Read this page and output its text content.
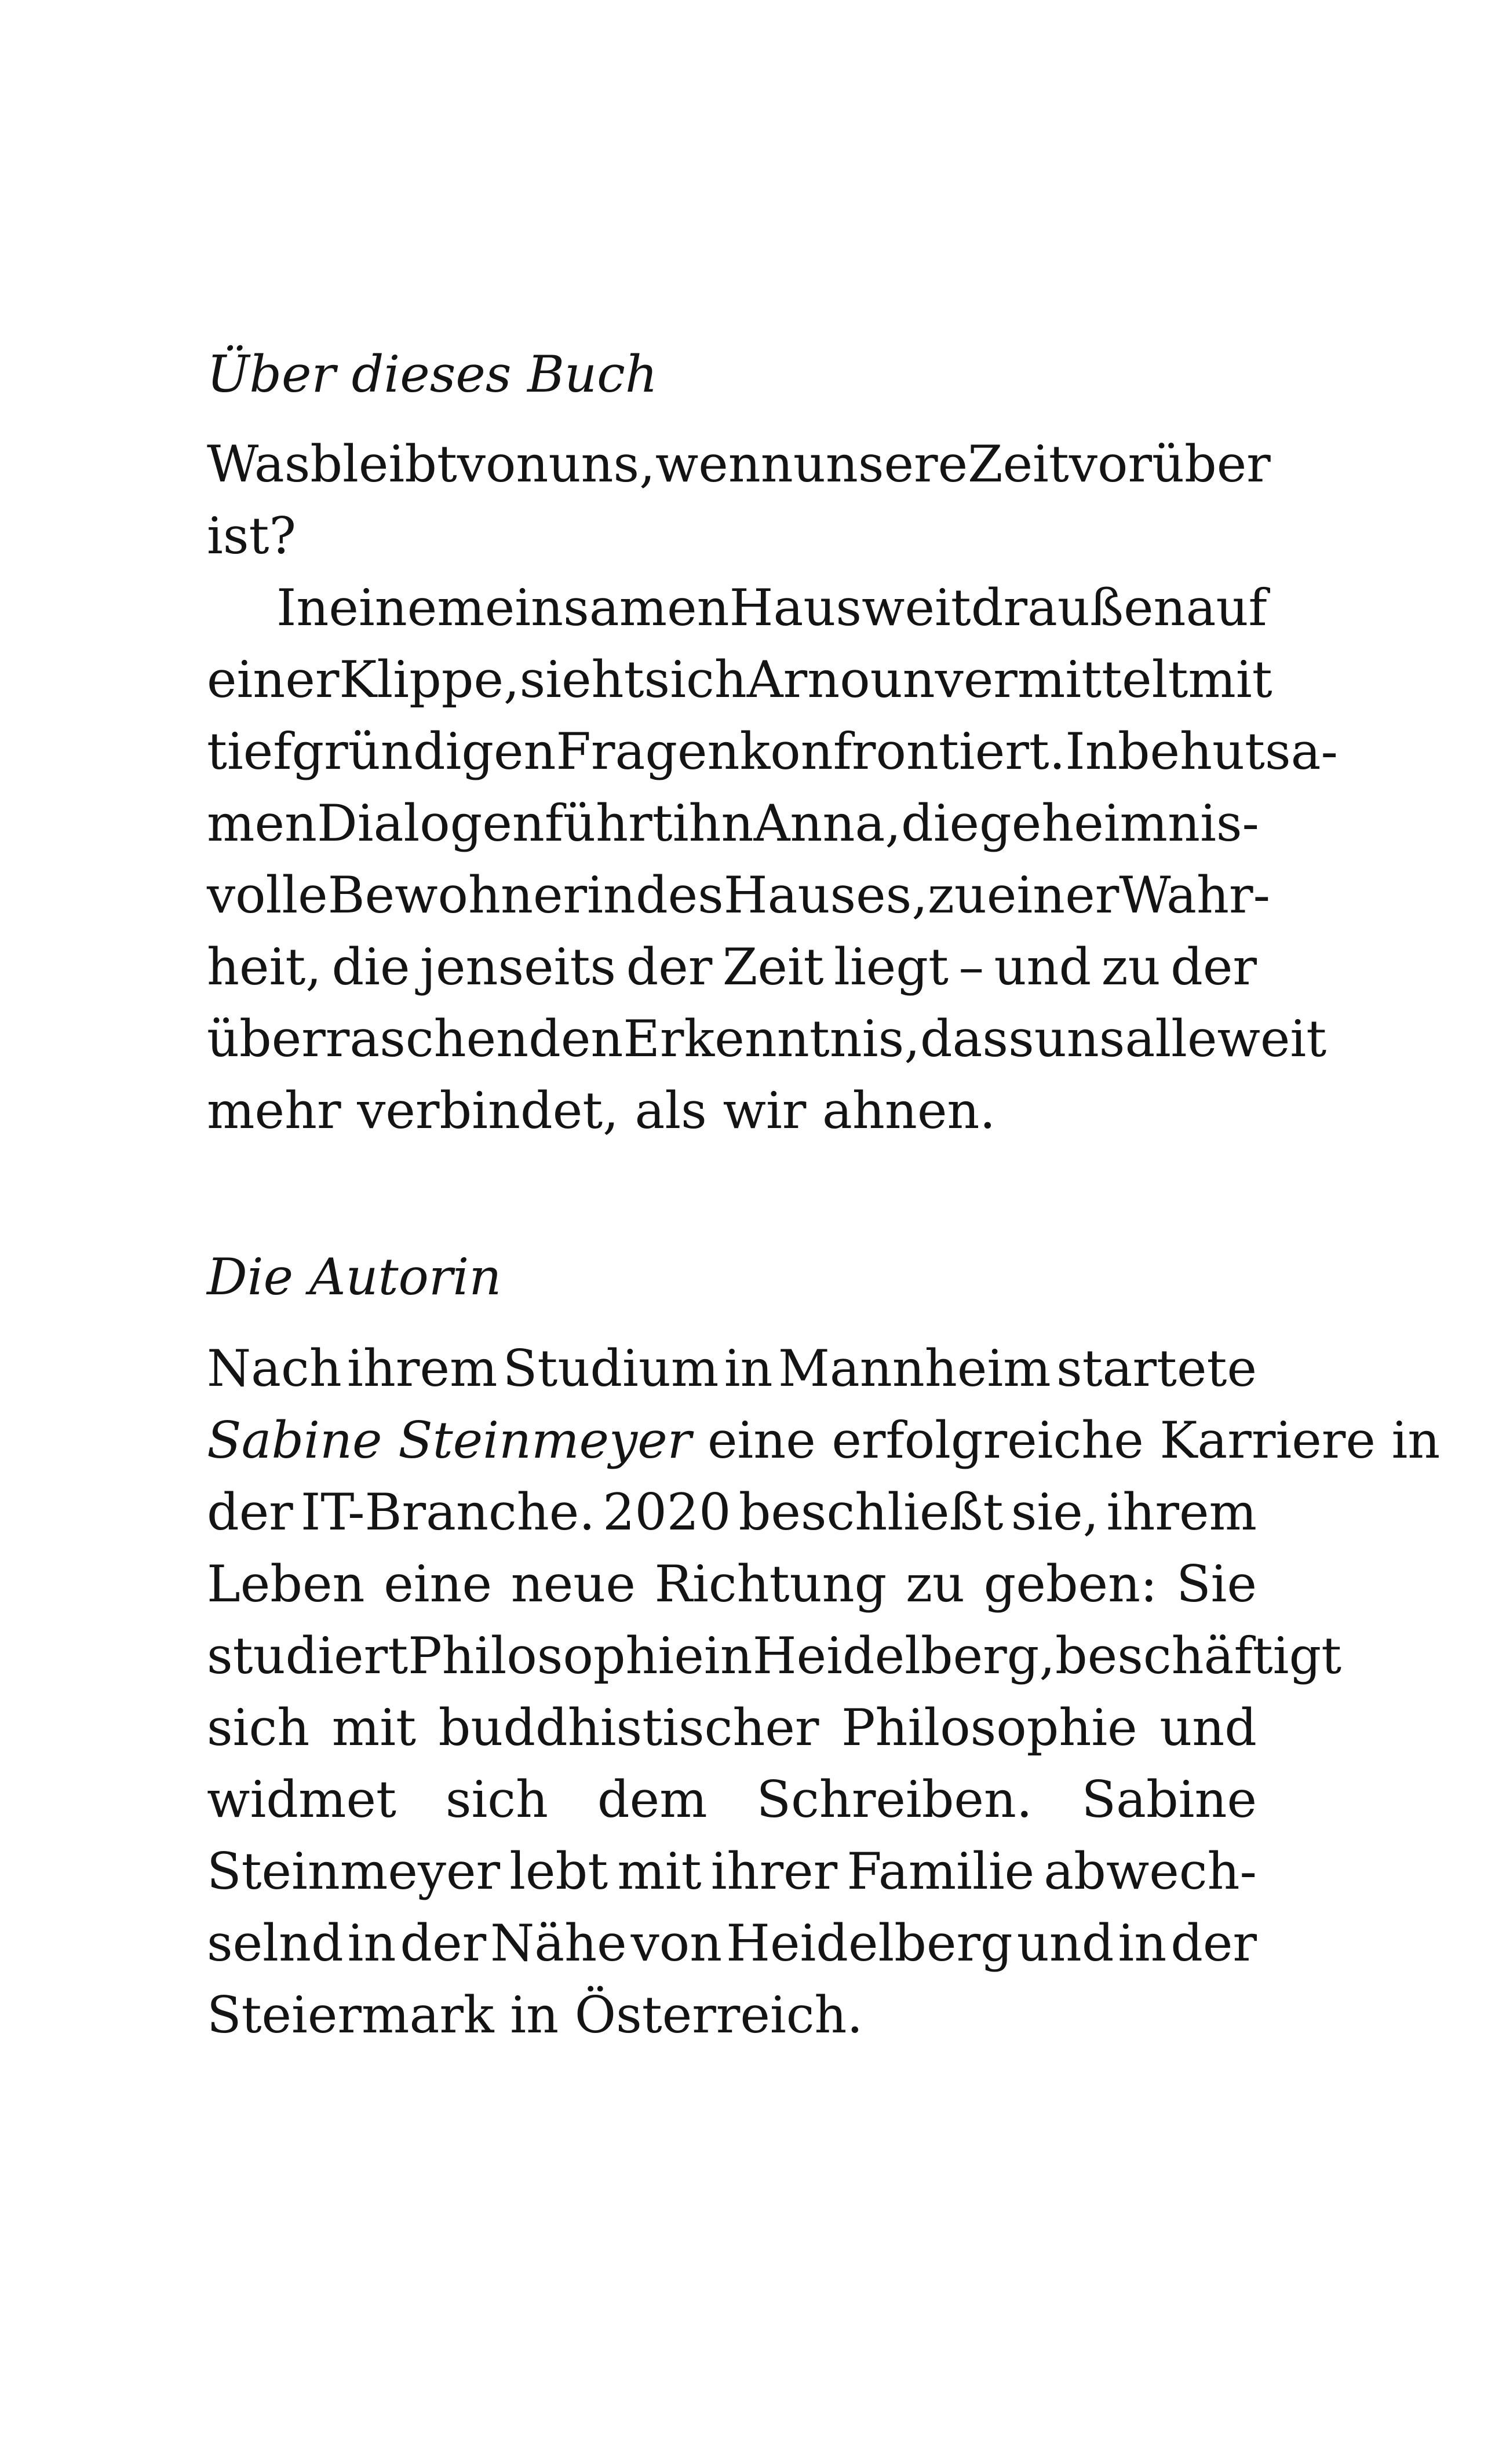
Über dieses Buch
Was bleibt von uns, wenn unsere Zeit vorüber
ist?
In einem einsamen Haus weit draußen auf
einer Klippe, sieht sich Arno unvermittelt mit
tiefgründigen Fragen konfrontiert. In behutsa-
men Dialogen führt ihn Anna, die geheimnis-
volle Bewohnerin des Hauses, zu einer Wahr-
heit, die jenseits der Zeit liegt – und zu der
überraschenden Erkenntnis, dass uns alle weit
mehr verbindet, als wir ahnen.
Die Autorin
Nach ihrem Studium in Mannheim startete
Sabine Steinmeyer
eine erfolgreiche Karriere in
der IT-Branche. 2020 beschließt sie, ihrem
Leben eine neue Richtung zu geben: Sie
studiert Philosophie in Heidelberg, beschäftigt
sich mit buddhistischer Philosophie und
widmet sich dem Schreiben. Sabine
Steinmeyer lebt mit ihrer Familie abwech-
selnd in der Nähe von Heidelberg und in der
Steiermark in Österreich.
